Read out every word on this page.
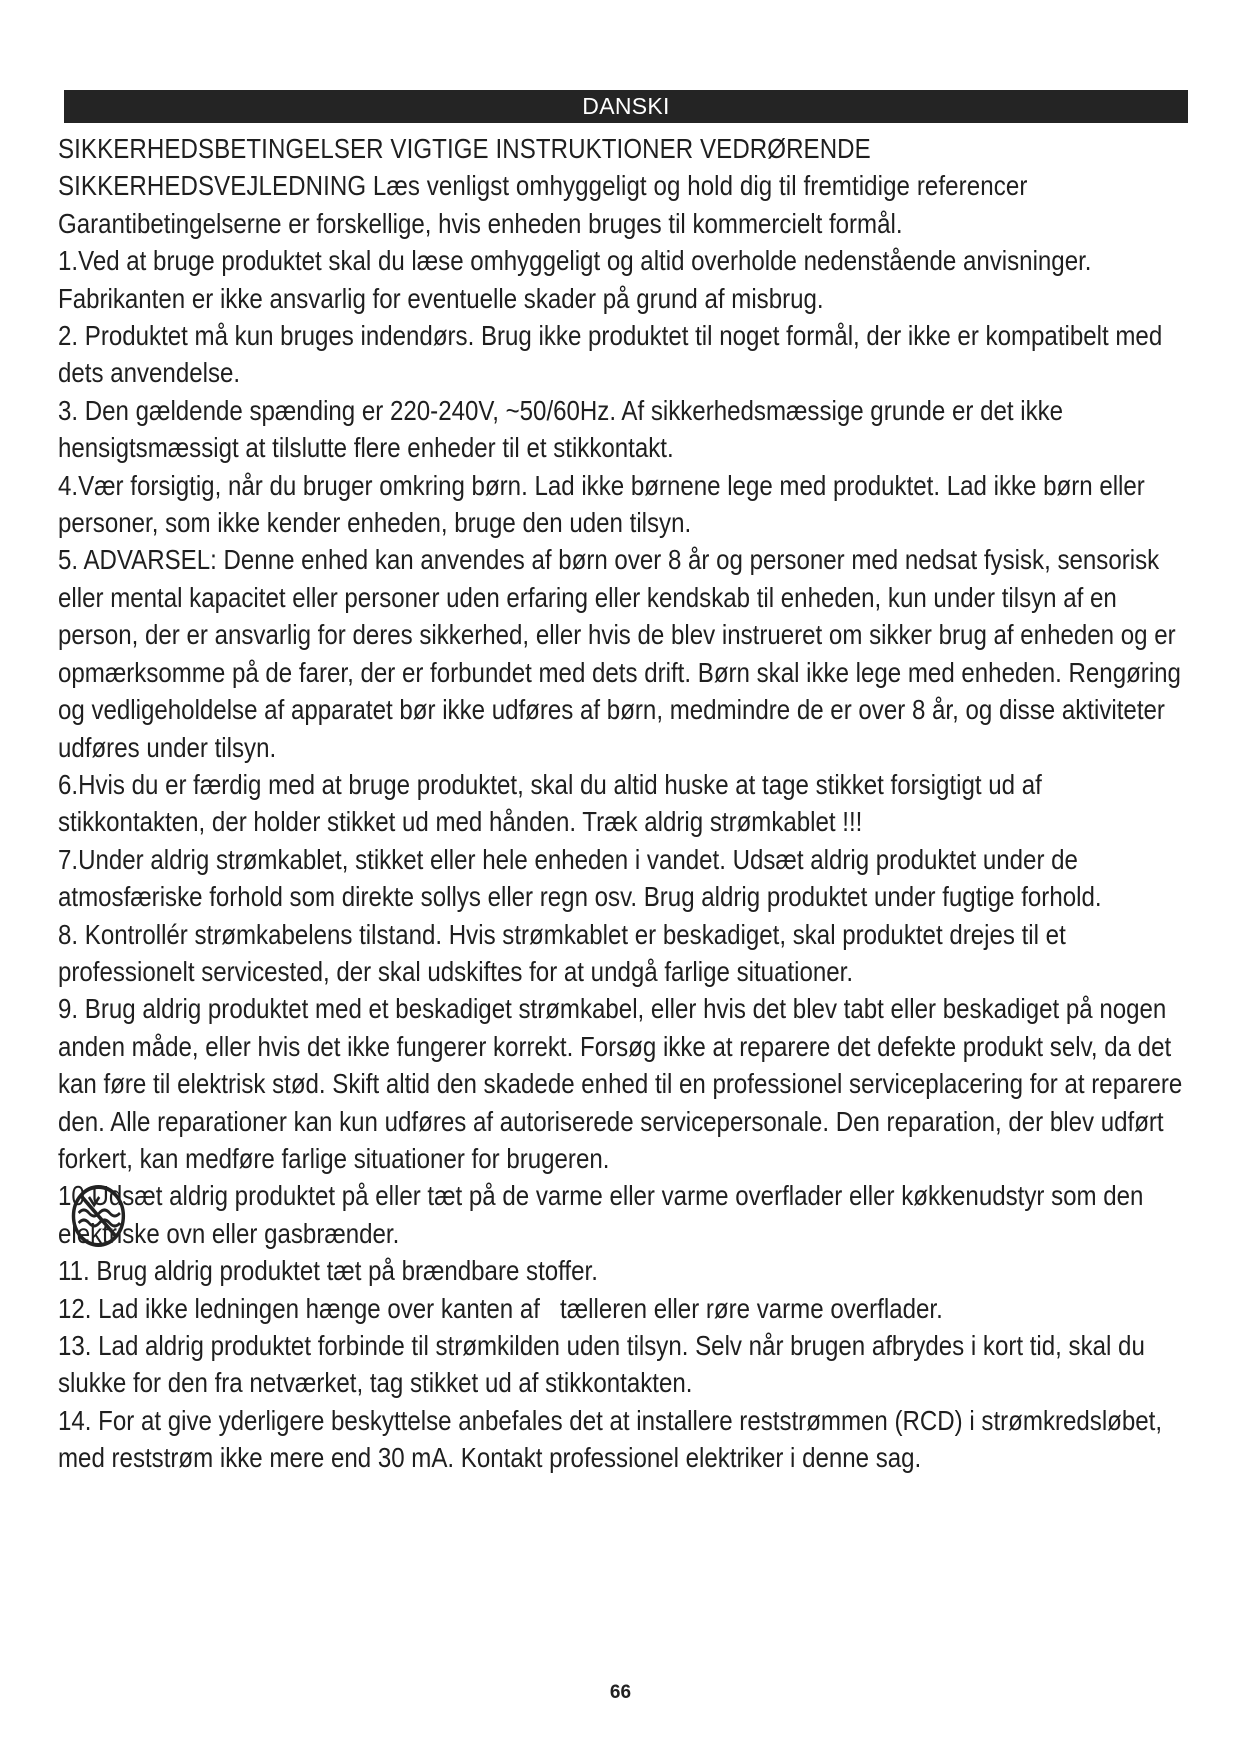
DANSKI

SIKKERHEDSBETINGELSER VIGTIGE INSTRUKTIONER VEDRØRENDE

SIKKERHEDSVEJLEDNING Læs venligst omhyggeligt og hold dig til fremtidige referencer

Garantibetingelserne er forskellige, hvis enheden bruges til kommercielt formål.

1.Ved at bruge produktet skal du læse omhyggeligt og altid overholde nedenstående anvisninger. Fabrikanten er ikke ansvarlig for eventuelle skader på grund af misbrug.

2. Produktet må kun bruges indendørs. Brug ikke produktet til noget formål, der ikke er kompatibelt med dets anvendelse.

3. Den gældende spænding er 220-240V, ~50/60Hz. Af sikkerhedsmæssige grunde er det ikke hensigtsmæssigt at tilslutte flere enheder til et stikkontakt.

4.Vær forsigtig, når du bruger omkring børn. Lad ikke børnene lege med produktet. Lad ikke børn eller personer, som ikke kender enheden, bruge den uden tilsyn.

5. ADVARSEL: Denne enhed kan anvendes af børn over 8 år og personer med nedsat fysisk, sensorisk eller mental kapacitet eller personer uden erfaring eller kendskab til enheden, kun under tilsyn af en person, der er ansvarlig for deres sikkerhed, eller hvis de blev instrueret om sikker brug af enheden og er opmærksomme på de farer, der er forbundet med dets drift. Børn skal ikke lege med enheden. Rengøring og vedligeholdelse af apparatet bør ikke udføres af børn, medmindre de er over 8 år, og disse aktiviteter udføres under tilsyn.

6.Hvis du er færdig med at bruge produktet, skal du altid huske at tage stikket forsigtigt ud af stikkontakten, der holder stikket ud med hånden. Træk aldrig strømkablet !!!

7.Under aldrig strømkablet, stikket eller hele enheden i vandet. Udsæt aldrig produktet under de atmosfæriske forhold som direkte sollys eller regn osv. Brug aldrig produktet under fugtige forhold.

8. Kontrollér strømkabelens tilstand. Hvis strømkablet er beskadiget, skal produktet drejes til et professionelt servicested, der skal udskiftes for at undgå farlige situationer.

9. Brug aldrig produktet med et beskadiget strømkabel, eller hvis det blev tabt eller beskadiget på nogen anden måde, eller hvis det ikke fungerer korrekt. Forsøg ikke at reparere det defekte produkt selv, da det kan føre til elektrisk stød. Skift altid den skadede enhed til en professionel serviceplacering for at reparere den. Alle reparationer kan kun udføres af autoriserede servicepersonale. Den reparation, der blev udført forkert, kan medføre farlige situationer for brugeren.

10.Udsæt aldrig produktet på eller tæt på de varme eller varme overflader eller køkkenudstyr som den elektriske ovn eller gasbrænder.

11. Brug aldrig produktet tæt på brændbare stoffer.

12. Lad ikke ledningen hænge over kanten af   tælleren eller røre varme overflader.

13. Lad aldrig produktet forbinde til strømkilden uden tilsyn. Selv når brugen afbrydes i kort tid, skal du slukke for den fra netværket, tag stikket ud af stikkontakten.

14. For at give yderligere beskyttelse anbefales det at installere reststrømmen (RCD) i strømkredsløbet, med reststrøm ikke mere end 30 mA. Kontakt professionel elektriker i denne sag.

66
